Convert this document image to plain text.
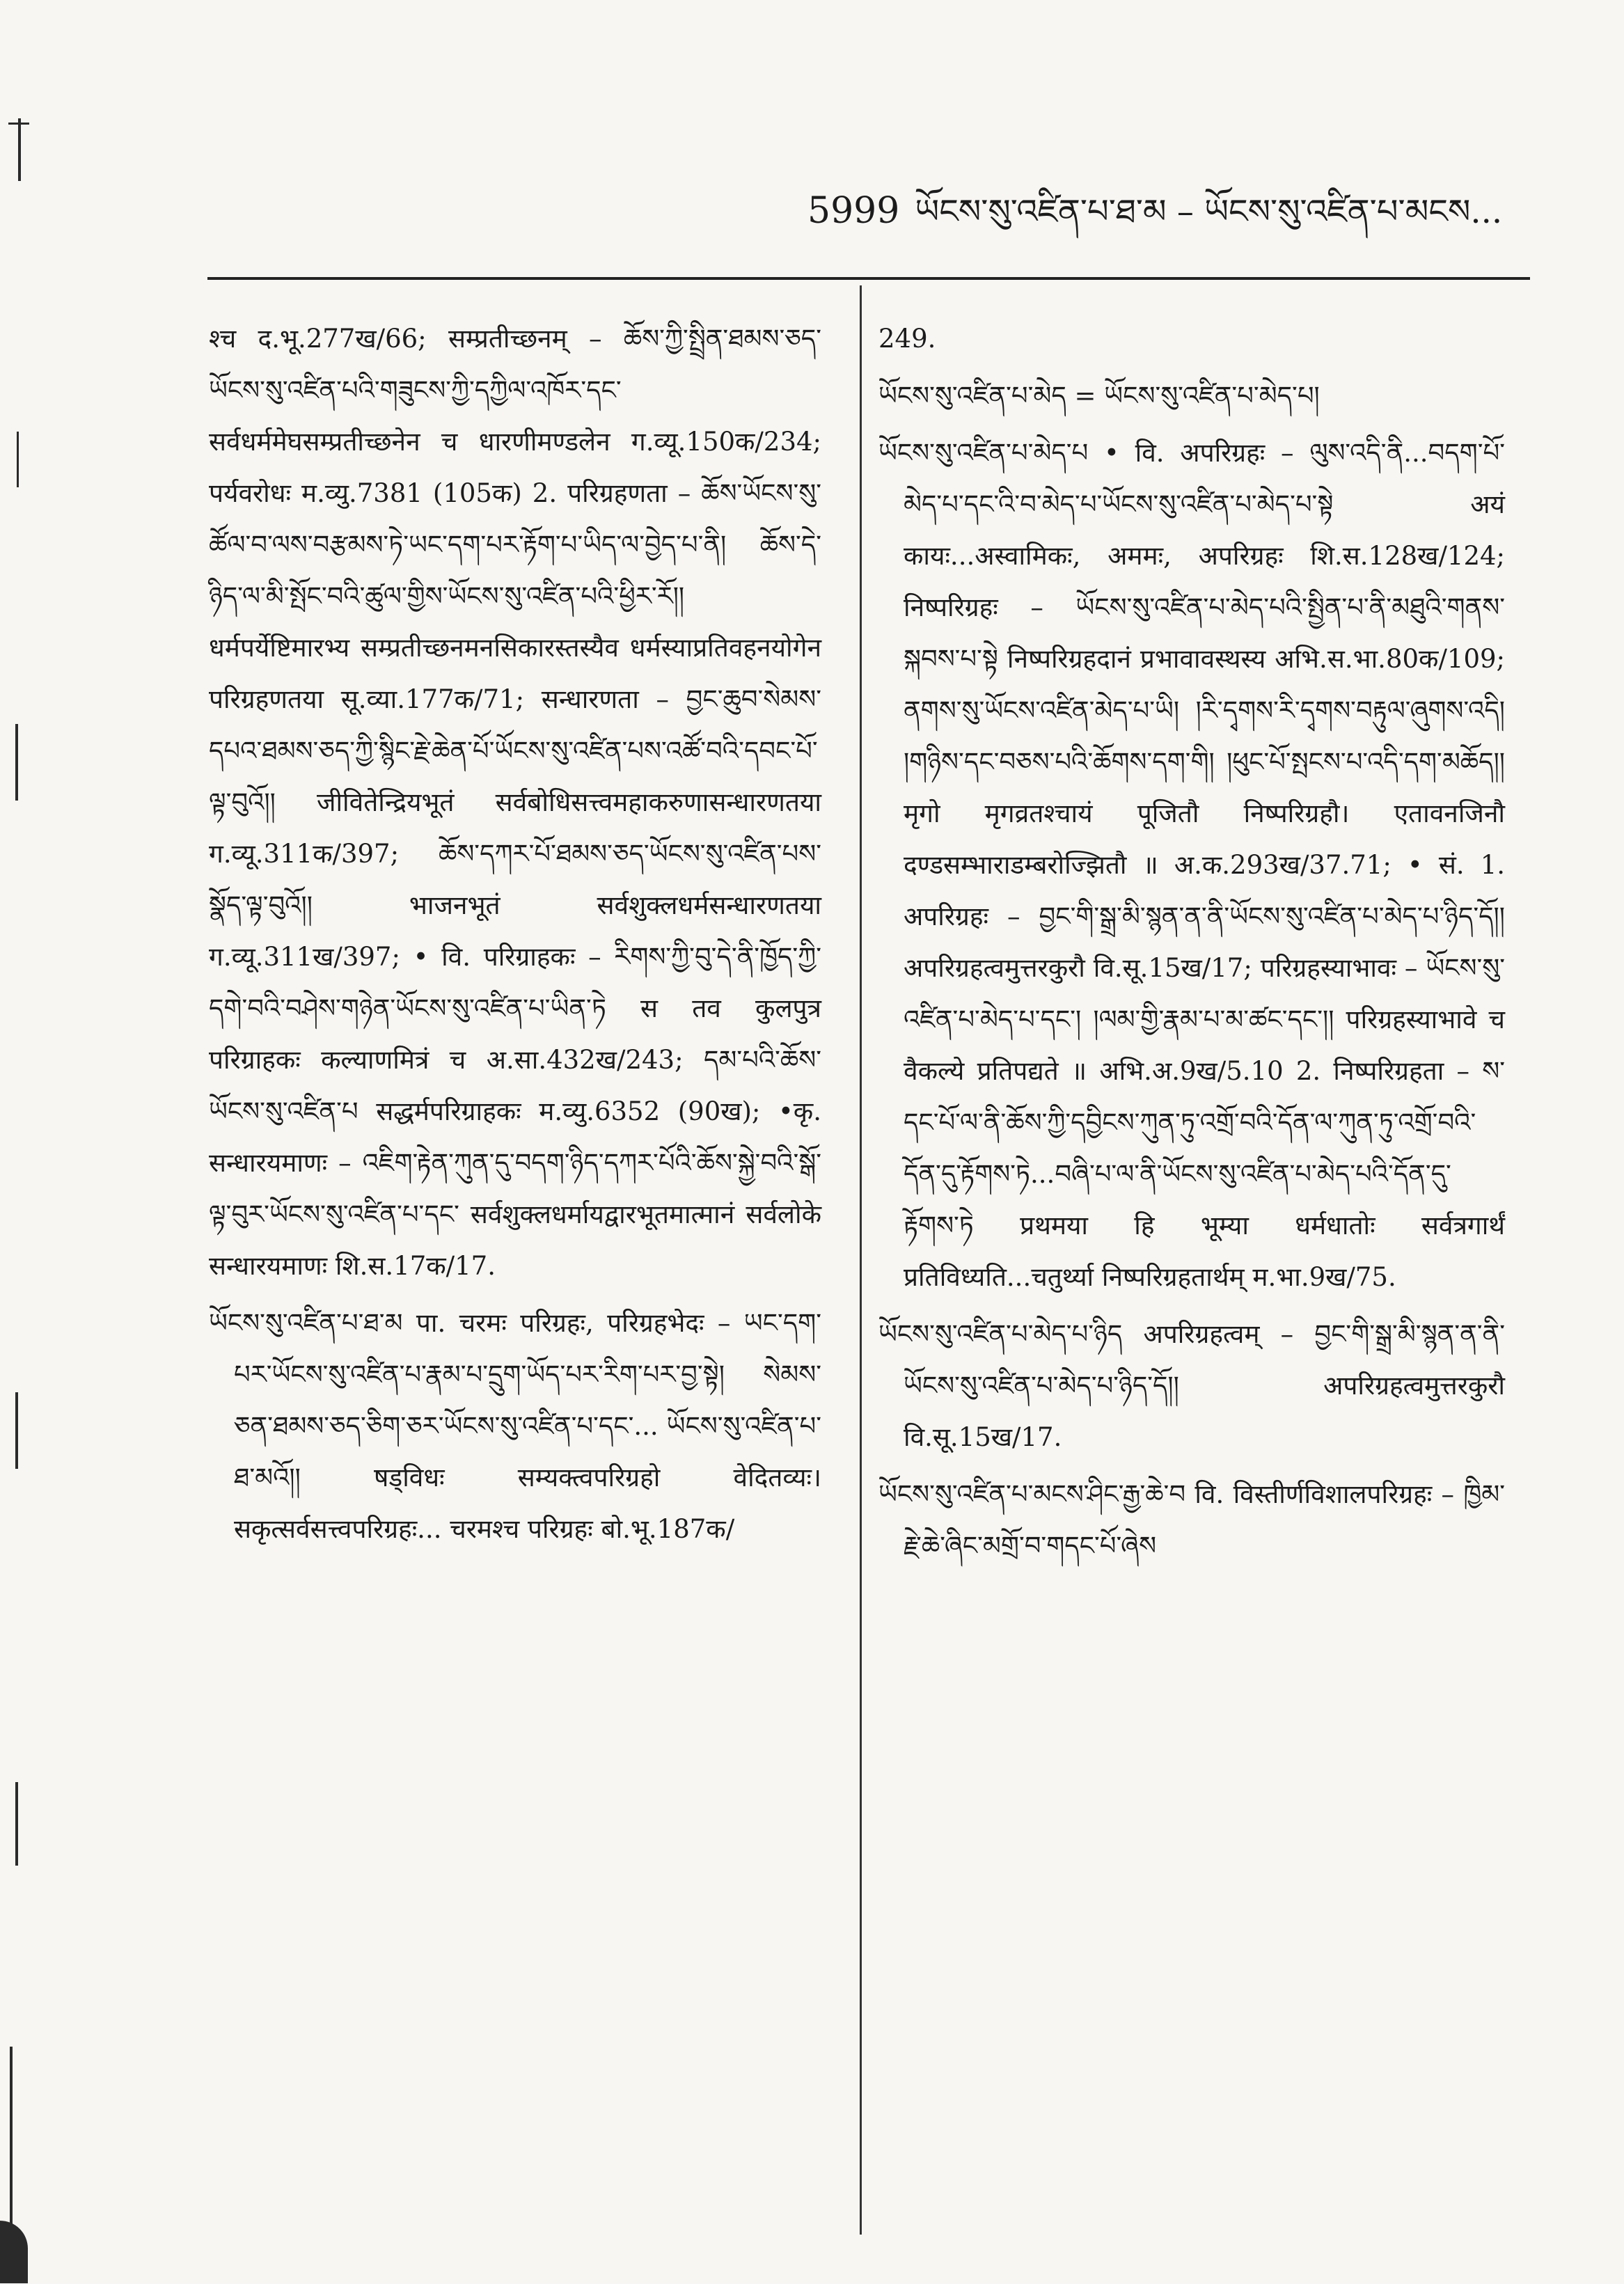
5999 ཡོངས་སུ་འཛིན་པ་ཐ་མ – ཡོངས་སུ་འཛིན་པ་མངས...

श्च द.भू.277ख/66; सम्प्रतीच्छनम् – ཆོས་ཀྱི་སྤྲིན་ཐམས་ཅད་ཡོངས་སུ་འཛིན་པའི་གཟུངས་ཀྱི་དཀྱིལ་འཁོར་དང་ सर्वधर्ममेघसम्प्रतीच्छनेन च धारणीमण्डलेन ग.व्यू.150क/234; पर्यवरोधः म.व्यु.7381 (105क) 2. परिग्रहणता – ཆོས་ཡོངས་སུ་ཚོལ་བ་ལས་བརྩམས་ཏེ་ཡང་དག་པར་རྟོག་པ་ཡིད་ལ་བྱེད་པ་ནི། ཆོས་དེ་ཉིད་ལ་མི་སྤོང་བའི་ཚུལ་གྱིས་ཡོངས་སུ་འཛིན་པའི་ཕྱིར་རོ།། धर्मपर्येष्टिमारभ्य सम्प्रतीच्छनमनसिकारस्तस्यैव धर्मस्याप्रतिवहनयोगेन परिग्रहणतया सू.व्या.177क/71; सन्धारणता – བྱང་ཆུབ་སེམས་དཔའ་ཐམས་ཅད་ཀྱི་སྙིང་རྗེ་ཆེན་པོ་ཡོངས་སུ་འཛིན་པས་འཚོ་བའི་དབང་པོ་ལྟ་བུའོ།། जीवितेन्द्रियभूतं सर्वबोधिसत्त्वमहाकरुणासन्धारणतया ग.व्यू.311क/397; ཆོས་དཀར་པོ་ཐམས་ཅད་ཡོངས་སུ་འཛིན་པས་སྣོད་ལྟ་བུའོ།། भाजनभूतं सर्वशुक्लधर्मसन्धारणतया ग.व्यू.311ख/397; • वि. परिग्राहकः – རིགས་ཀྱི་བུ་དེ་ནི་ཁྱོད་ཀྱི་དགེ་བའི་བཤེས་གཉེན་ཡོངས་སུ་འཛིན་པ་ཡིན་ཏེ स तव कुलपुत्र परिग्राहकः कल्याणमित्रं च अ.सा.432ख/243; དམ་པའི་ཆོས་ཡོངས་སུ་འཛིན་པ सद्धर्मपरिग्राहकः म.व्यु.6352 (90ख); •कृ. सन्धारयमाणः – འཇིག་རྟེན་ཀུན་དུ་བདག་ཉིད་དཀར་པོའི་ཆོས་སྐྱེ་བའི་སྒོ་ལྟ་བུར་ཡོངས་སུ་འཛིན་པ་དང་ सर्वशुक्लधर्मायद्वारभूतमात्मानं सर्वलोके सन्धारयमाणः शि.स.17क/17.

ཡོངས་སུ་འཛིན་པ་ཐ་མ पा. चरमः परिग्रहः, परिग्रहभेदः – ཡང་དག་པར་ཡོངས་སུ་འཛིན་པ་རྣམ་པ་དྲུག་ཡོད་པར་རིག་པར་བྱ་སྟེ། སེམས་ཅན་ཐམས་ཅད་ཅིག་ཅར་ཡོངས་སུ་འཛིན་པ་དང་... ཡོངས་སུ་འཛིན་པ་ཐ་མའོ།། षड्विधः सम्यक्त्वपरिग्रहो वेदितव्यः। सकृत्सर्वसत्त्वपरिग्रहः... चरमश्च परिग्रहः बो.भू.187क/

249.

ཡོངས་སུ་འཛིན་པ་མེད = ཡོངས་སུ་འཛིན་པ་མེད་པ།

ཡོངས་སུ་འཛིན་པ་མེད་པ • वि. अपरिग्रहः – ལུས་འདི་ནི...བདག་པོ་མེད་པ་དང་འི་བ་མེད་པ་ཡོངས་སུ་འཛིན་པ་མེད་པ་སྟེ अयं कायः...अस्वामिकः, अममः, अपरिग्रहः शि.स.128ख/124; निष्परिग्रहः – ཡོངས་སུ་འཛིན་པ་མེད་པའི་སྤྱིན་པ་ནི་མཐུའི་གནས་སྐབས་པ་སྟེ निष्परिग्रहदानं प्रभावावस्थस्य अभि.स.भा.80क/109; ནགས་སུ་ཡོངས་འཛིན་མེད་པ་ཡི། །རི་དྭགས་རི་དྭགས་བརྟུལ་ཞུགས་འདི། །གཉིས་དང་བཅས་པའི་ཆོགས་དག་གི། །ཕུང་པོ་སྤངས་པ་འདི་དག་མཆོད།། मृगो मृगव्रतश्चायं पूजितौ निष्परिग्रहौ। एतावनजिनौ दण्डसम्भाराडम्बरोज्झितौ ॥ अ.क.293ख/37.71; • सं. 1. अपरिग्रहः – བྱང་གི་སྒྲ་མི་སྙན་ན་ནི་ཡོངས་སུ་འཛིན་པ་མེད་པ་ཉིད་དོ།། अपरिग्रहत्वमुत्तरकुरौ वि.सू.15ख/17; परिग्रहस्याभावः – ཡོངས་སུ་འཛིན་པ་མེད་པ་དང་། །ལམ་གྱི་རྣམ་པ་མ་ཚང་དང་།། परिग्रहस्याभावे च वैकल्ये प्रतिपद्यते ॥ अभि.अ.9ख/5.10 2. निष्परिग्रहता – ས་དང་པོ་ལ་ནི་ཆོས་ཀྱི་དབྱིངས་ཀུན་ཏུ་འགྲོ་བའི་དོན་ལ་ཀུན་ཏུ་འགྲོ་བའི་དོན་དུ་རྟོགས་ཏེ...བཞི་པ་ལ་ནི་ཡོངས་སུ་འཛིན་པ་མེད་པའི་དོན་དུ་རྟོགས་ཏེ प्रथमया हि भूम्या धर्मधातोः सर्वत्रगार्थं प्रतिविध्यति...चतुर्थ्या निष्परिग्रहतार्थम् म.भा.9ख/75.

ཡོངས་སུ་འཛིན་པ་མེད་པ་ཉིད अपरिग्रहत्वम् – བྱང་གི་སྒྲ་མི་སྙན་ན་ནི་ཡོངས་སུ་འཛིན་པ་མེད་པ་ཉིད་དོ།། अपरिग्रहत्वमुत्तरकुरौ वि.सू.15ख/17.

ཡོངས་སུ་འཛིན་པ་མངས་ཤིང་རྒྱ་ཆེ་བ वि. विस्तीर्णविशालपरिग्रहः – ཁྱིམ་རྗེ་ཆེ་ཞིང་མགྲོ་བ་གདང་པོ་ཞེས
